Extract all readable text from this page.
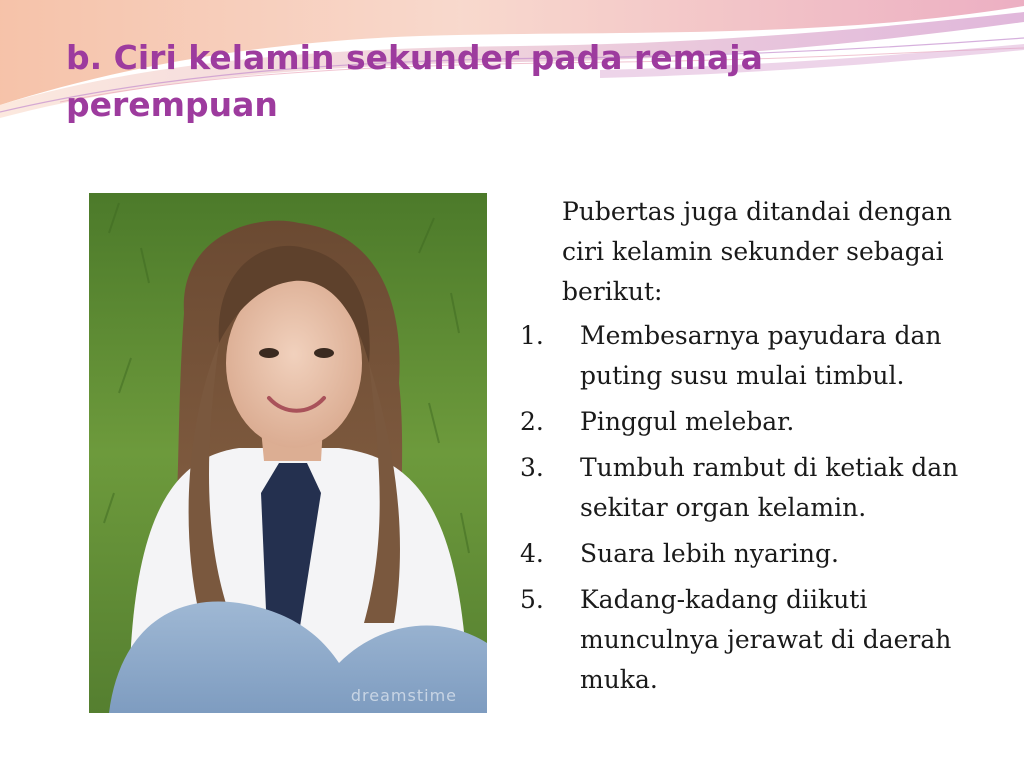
b. Ciri kelamin sekunder pada remaja perempuan
dreamstime

Pubertas juga ditandai dengan ciri kelamin sekunder sebagai berikut:

1.	Membesarnya payudara dan puting susu mulai timbul.
2.	Pinggul melebar.
3.	Tumbuh rambut di ketiak dan sekitar organ kelamin.
4.	Suara lebih nyaring.
5.	Kadang-kadang diikuti munculnya jerawat di daerah muka.
